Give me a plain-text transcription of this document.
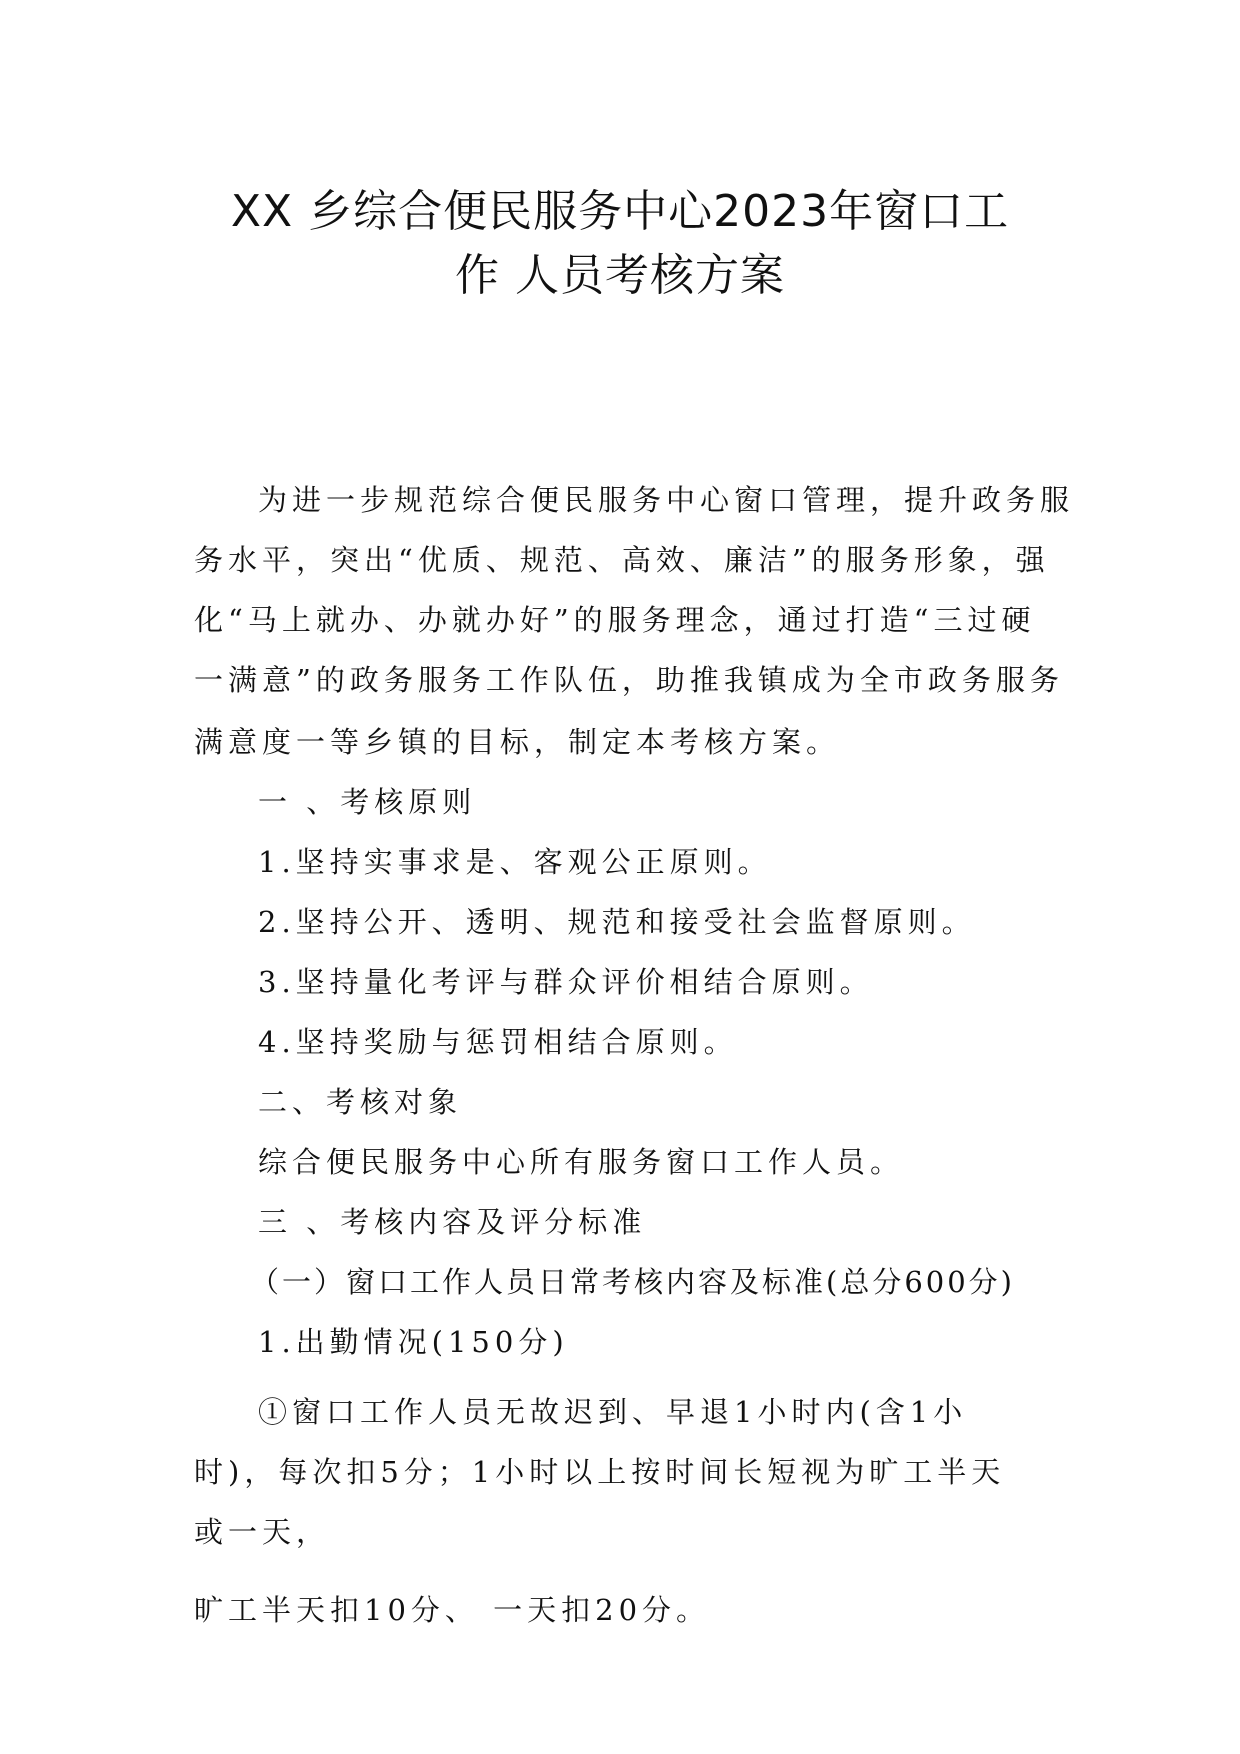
XX 乡综合便民服务中心2023年窗口工
作 人员考核方案

为进一步规范综合便民服务中心窗口管理，提升政务服

务水平，突出“优质、规范、高效、廉洁”的服务形象，强

化“马上就办、办就办好”的服务理念，通过打造“三过硬

一满意”的政务服务工作队伍，助推我镇成为全市政务服务

满意度一等乡镇的目标，制定本考核方案。

一 、考核原则

1.坚持实事求是、客观公正原则。

2.坚持公开、透明、规范和接受社会监督原则。

3.坚持量化考评与群众评价相结合原则。

4.坚持奖励与惩罚相结合原则。

二、考核对象

综合便民服务中心所有服务窗口工作人员。

三 、考核内容及评分标准

（一）窗口工作人员日常考核内容及标准(总分600分)

1.出勤情况(150分)

①窗口工作人员无故迟到、早退1小时内(含1小

时)，每次扣5分；1小时以上按时间长短视为旷工半天

或一天，

旷工半天扣10分、 一天扣20分。
